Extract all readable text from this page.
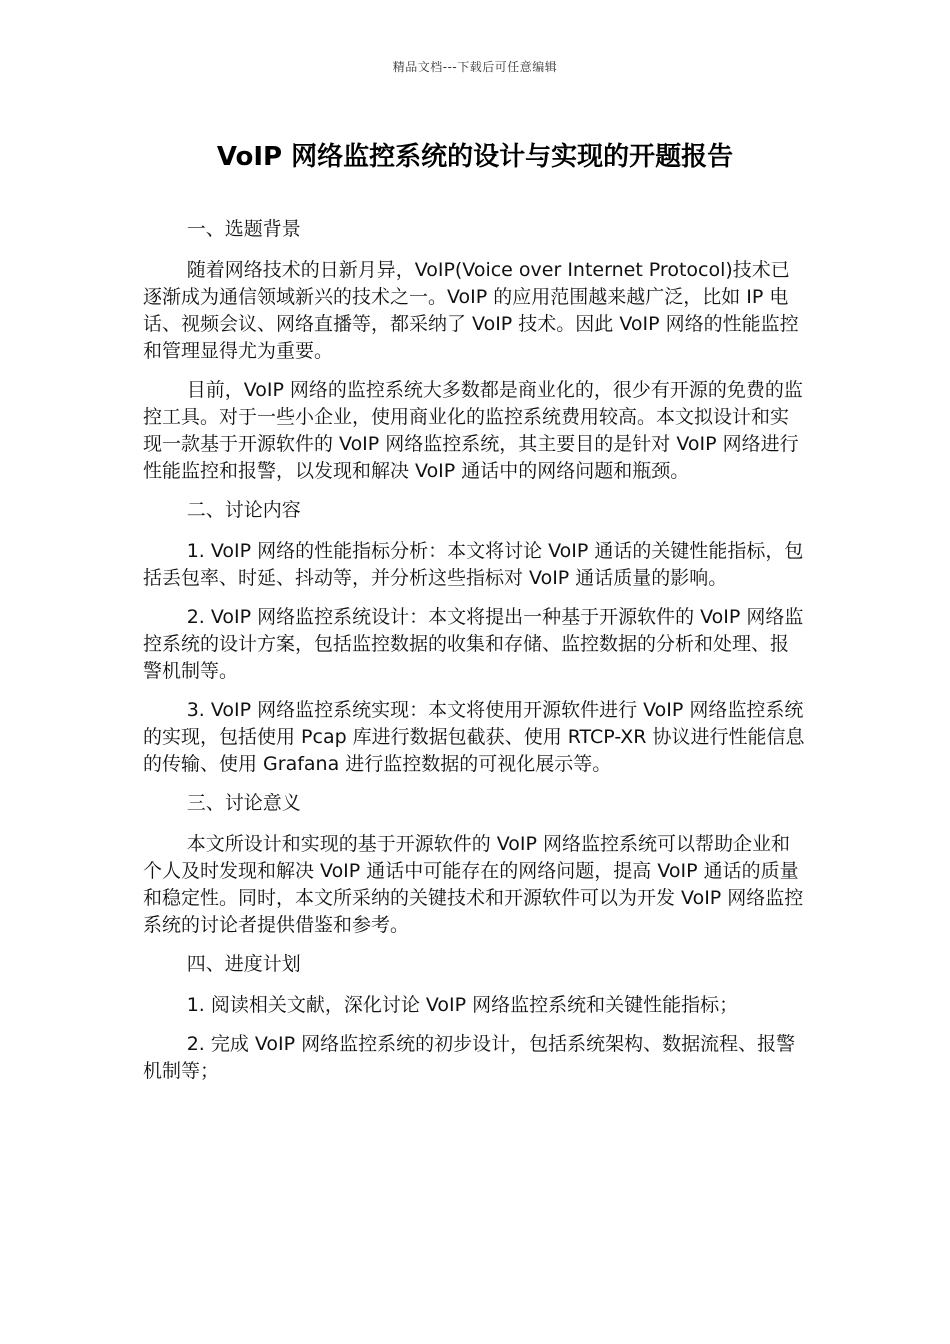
精品文档---下载后可任意编辑
VoIP 网络监控系统的设计与实现的开题报告

一、选题背景

随着网络技术的日新月异，VoIP(Voice over Internet Protocol)技术已逐渐成为通信领域新兴的技术之一。VoIP 的应用范围越来越广泛，比如 IP 电话、视频会议、网络直播等，都采纳了 VoIP 技术。因此 VoIP 网络的性能监控和管理显得尤为重要。

目前，VoIP 网络的监控系统大多数都是商业化的，很少有开源的免费的监控工具。对于一些小企业，使用商业化的监控系统费用较高。本文拟设计和实现一款基于开源软件的 VoIP 网络监控系统，其主要目的是针对 VoIP 网络进行性能监控和报警，以发现和解决 VoIP 通话中的网络问题和瓶颈。

二、讨论内容

1. VoIP 网络的性能指标分析：本文将讨论 VoIP 通话的关键性能指标，包括丢包率、时延、抖动等，并分析这些指标对 VoIP 通话质量的影响。

2. VoIP 网络监控系统设计：本文将提出一种基于开源软件的 VoIP 网络监控系统的设计方案，包括监控数据的收集和存储、监控数据的分析和处理、报警机制等。

3. VoIP 网络监控系统实现：本文将使用开源软件进行 VoIP 网络监控系统的实现，包括使用 Pcap 库进行数据包截获、使用 RTCP-XR 协议进行性能信息的传输、使用 Grafana 进行监控数据的可视化展示等。

三、讨论意义

本文所设计和实现的基于开源软件的 VoIP 网络监控系统可以帮助企业和个人及时发现和解决 VoIP 通话中可能存在的网络问题，提高 VoIP 通话的质量和稳定性。同时，本文所采纳的关键技术和开源软件可以为开发 VoIP 网络监控系统的讨论者提供借鉴和参考。

四、进度计划

1. 阅读相关文献，深化讨论 VoIP 网络监控系统和关键性能指标；

2. 完成 VoIP 网络监控系统的初步设计，包括系统架构、数据流程、报警机制等；
